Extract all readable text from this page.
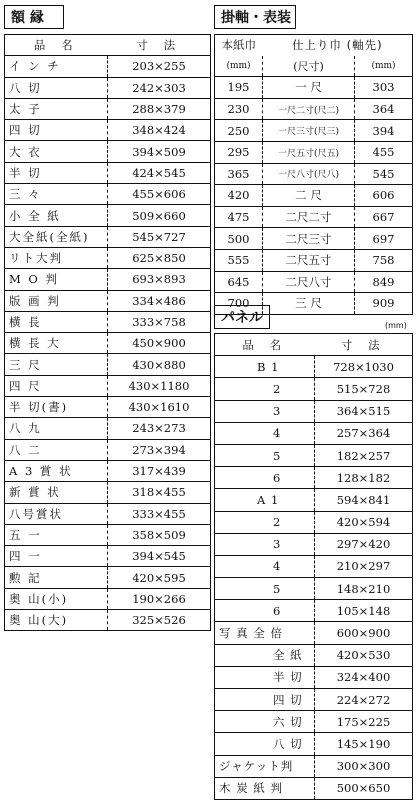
額 縁
品 名	寸 法
イ ン チ	203×255
八 切	242×303
太 子	288×379
四 切	348×424
大 衣	394×509
半 切	424×545
三 々	455×606
小 全 紙	509×660
大全紙(全紙)	545×727
リト大判	625×850
M O 判	693×893
版 画 判	334×486
横 長	333×758
横 長 大	450×900
三 尺	430×880
四 尺	430×1180
半 切(書)	430×1610
八 九	243×273
八 二	273×394
A 3 賞 状	317×439
新 賞 状	318×455
八号賞状	333×455
五 一	358×509
四 一	394×545
勲 記	420×595
奥 山(小)	190×266
奥 山(大)	325×526
掛軸・表装
本紙巾	仕上り巾 (軸先)	
(mm)	(尺寸)	(mm)
195	一 尺	303
230	一尺二寸(尺二)	364
250	一尺三寸(尺三)	394
295	一尺五寸(尺五)	455
365	一尺八寸(尺八)	545
420	二 尺	606
475	二尺二寸	667
500	二尺三寸	697
555	二尺五寸	758
645	二尺八寸	849
700	三 尺	909
パネル	(mm)
品 名	寸 法
B 1	728×1030
2	515×728
3	364×515
4	257×364
5	182×257
6	128×182
A 1	594×841
2	420×594
3	297×420
4	210×297
5	148×210
6	105×148
写 真 全 倍	600×900
全 紙	420×530
半 切	324×400
四 切	224×272
六 切	175×225
八 切	145×190
ジャケット判	300×300
木 炭 紙 判	500×650
